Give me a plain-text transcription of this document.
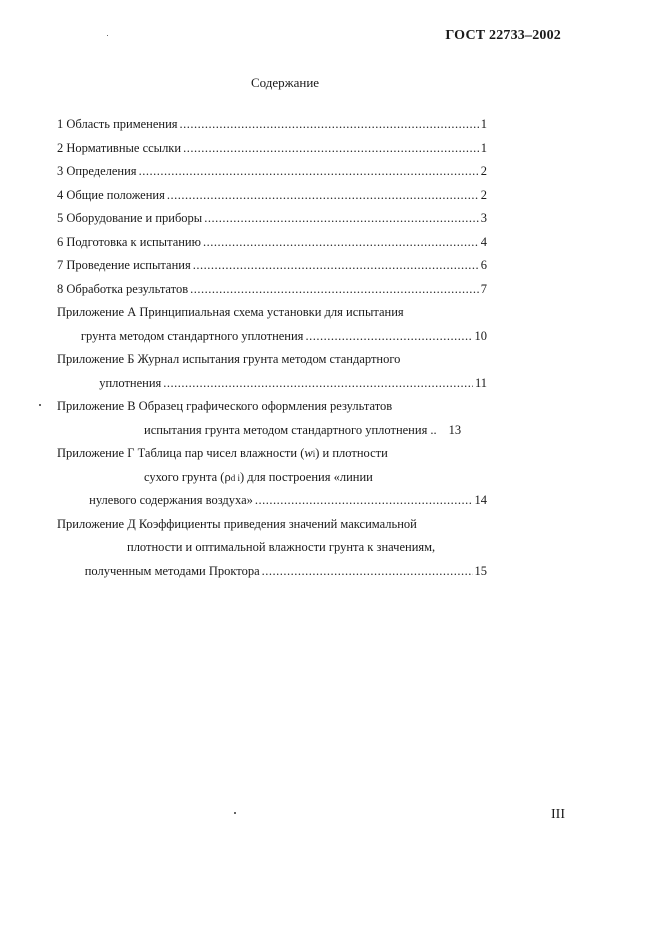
ГОСТ 22733–2002
Содержание
1 Область применения .....	1
2 Нормативные ссылки .....	1
3 Определения .....	2
4 Общие положения .....	2
5 Оборудование и приборы .....	3
6 Подготовка к испытанию .....	4
7 Проведение испытания .....	6
8 Обработка результатов .....	7
Приложение А Принципиальная схема установки для испытания
грунта методом стандартного уплотнения .....	10
Приложение Б Журнал испытания грунта методом стандартного
уплотнения .....	11
Приложение В Образец графического оформления результатов
испытания грунта методом стандартного уплотнения .. 13
Приложение Г Таблица пар чисел влажности ( w i ) и плотности
сухого грунта ( ρ d i ) для построения «линии
нулевого содержания воздуха» .....	14
Приложение Д Коэффициенты приведения значений максимальной
плотности и оптимальной влажности грунта к значениям,
полученным методами Проктора .....	15
III
